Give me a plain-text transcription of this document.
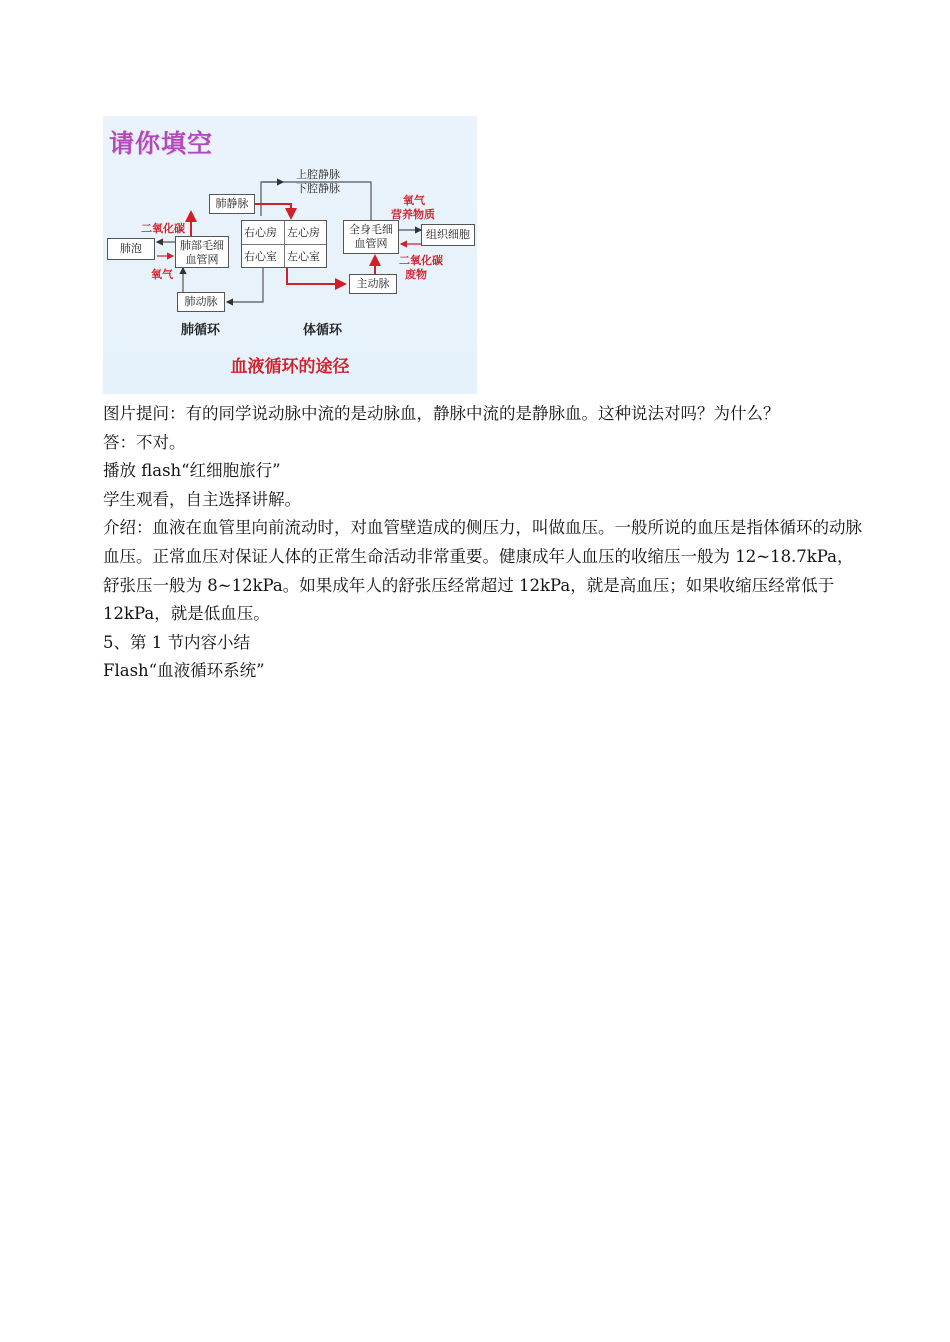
请你填空
上腔静脉
下腔静脉
肺静脉
肺泡	肺部毛细血管网
右心房 左心房
右心室 左心室
全身毛细血管网
组织细胞
肺动脉
主动脉
二氧化碳
氧气
氧气
营养物质
二氧化碳
废物
肺循环	体循环
血液循环的途径

图片提问：有的同学说动脉中流的是动脉血，静脉中流的是静脉血。这种说法对吗？为什么？

答：不对。

播放 flash“红细胞旅行”

学生观看，自主选择讲解。

介绍：血液在血管里向前流动时，对血管壁造成的侧压力，叫做血压。一般所说的血压是指体循环的动脉血压。正常血压对保证人体的正常生命活动非常重要。健康成年人血压的收缩压一般为 12~18.7kPa，舒张压一般为 8~12kPa。如果成年人的舒张压经常超过 12kPa，就是高血压；如果收缩压经常低于 12kPa，就是低血压。

5、第 1 节内容小结

Flash“血液循环系统”
